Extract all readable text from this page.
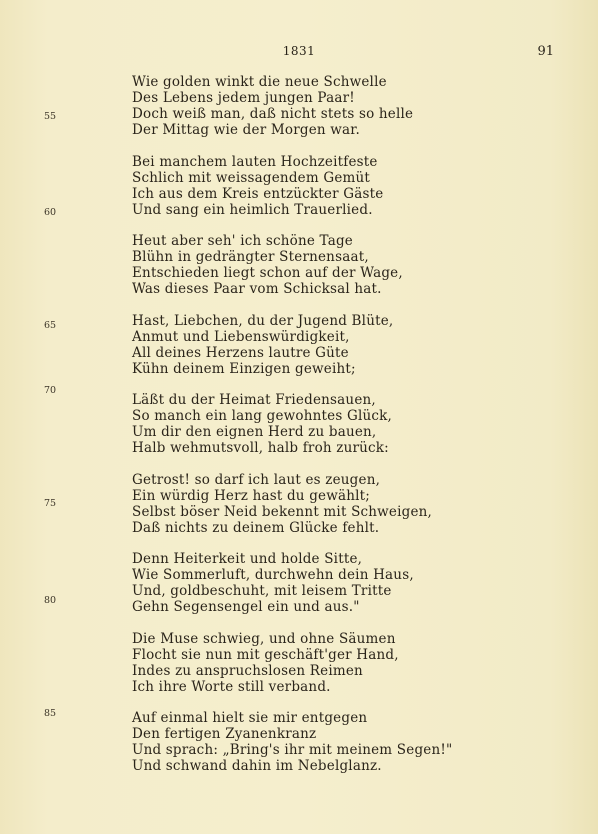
1831	91
55
60
65
70
75
80
85
Wie golden winkt die neue Schwelle
Des Lebens jedem jungen Paar!
Doch weiß man, daß nicht stets so helle
Der Mittag wie der Morgen war.
Bei manchem lauten Hochzeitfeste
Schlich mit weissagendem Gemüt
Ich aus dem Kreis entzückter Gäste
Und sang ein heimlich Trauerlied.
Heut aber seh' ich schöne Tage
Blühn in gedrängter Sternensaat,
Entschieden liegt schon auf der Wage,
Was dieses Paar vom Schicksal hat.
Hast, Liebchen, du der Jugend Blüte,
Anmut und Liebenswürdigkeit,
All deines Herzens lautre Güte
Kühn deinem Einzigen geweiht;
Läßt du der Heimat Friedensauen,
So manch ein lang gewohntes Glück,
Um dir den eignen Herd zu bauen,
Halb wehmutsvoll, halb froh zurück:
Getrost! so darf ich laut es zeugen,
Ein würdig Herz hast du gewählt;
Selbst böser Neid bekennt mit Schweigen,
Daß nichts zu deinem Glücke fehlt.
Denn Heiterkeit und holde Sitte,
Wie Sommerluft, durchwehn dein Haus,
Und, goldbeschuht, mit leisem Tritte
Gehn Segensengel ein und aus."
Die Muse schwieg, und ohne Säumen
Flocht sie nun mit geschäft'ger Hand,
Indes zu anspruchslosen Reimen
Ich ihre Worte still verband.
Auf einmal hielt sie mir entgegen
Den fertigen Zyanenkranz
Und sprach: „Bring's ihr mit meinem Segen!"
Und schwand dahin im Nebelglanz.
